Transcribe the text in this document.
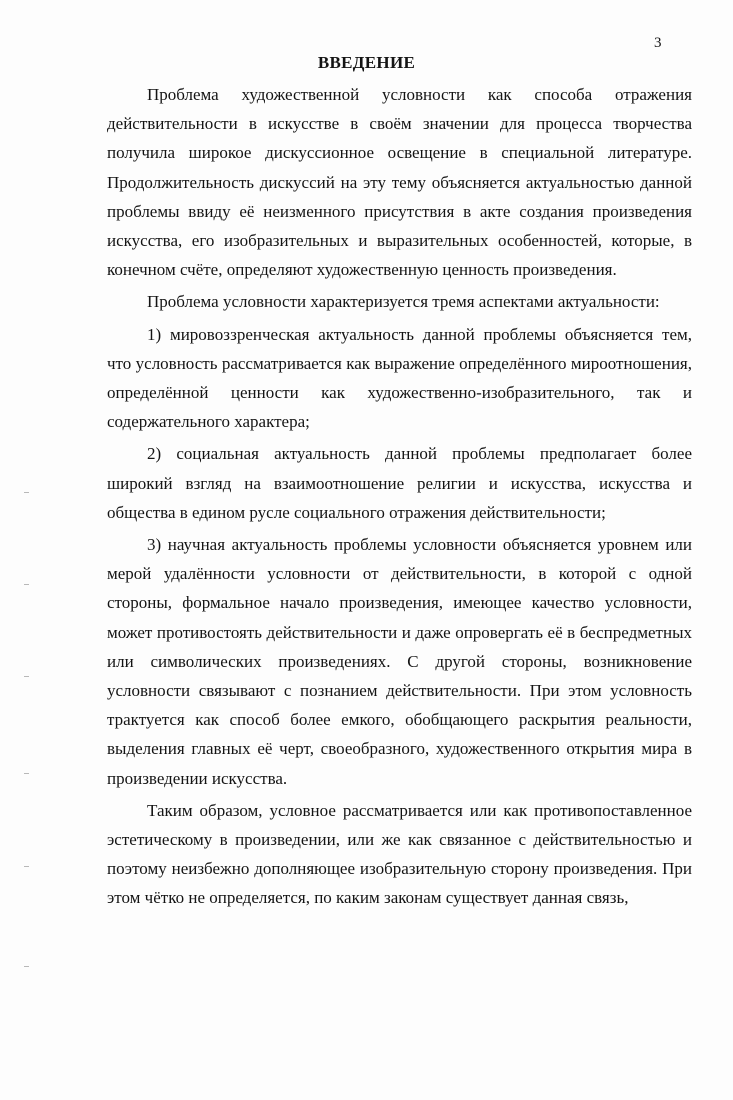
3
ВВЕДЕНИЕ

Проблема художественной условности как способа отражения действительности в искусстве в своём значении для процесса творчества получила широкое дискуссионное освещение в специальной литературе. Продолжительность дискуссий на эту тему объясняется актуальностью данной проблемы ввиду её неизменного присутствия в акте создания произведения искусства, его изобразительных и выразительных особенностей, которые, в конечном счёте, определяют художественную ценность произведения.

Проблема условности характеризуется тремя аспектами актуальности:

1) мировоззренческая актуальность данной проблемы объясняется тем, что условность рассматривается как выражение определённого мироотношения, определённой ценности как художественно-изобразительного, так и содержательного характера;

2) социальная актуальность данной проблемы предполагает более широкий взгляд на взаимоотношение религии и искусства, искусства и общества в едином русле социального отражения действительности;

3) научная актуальность проблемы условности объясняется уровнем или мерой удалённости условности от действительности, в которой с одной стороны, формальное начало произведения, имеющее качество условности, может противостоять действительности и даже опровергать её в беспредметных или символических произведениях. С другой стороны, возникновение условности связывают с познанием действительности. При этом условность трактуется как способ более емкого, обобщающего раскрытия реальности, выделения главных её черт, своеобразного, художественного открытия мира в произведении искусства.

Таким образом, условное рассматривается или как противопоставленное эстетическому в произведении, или же как связанное с действительностью и поэтому неизбежно дополняющее изобразительную сторону произведения. При этом чётко не определяется, по каким законам существует данная связь,
